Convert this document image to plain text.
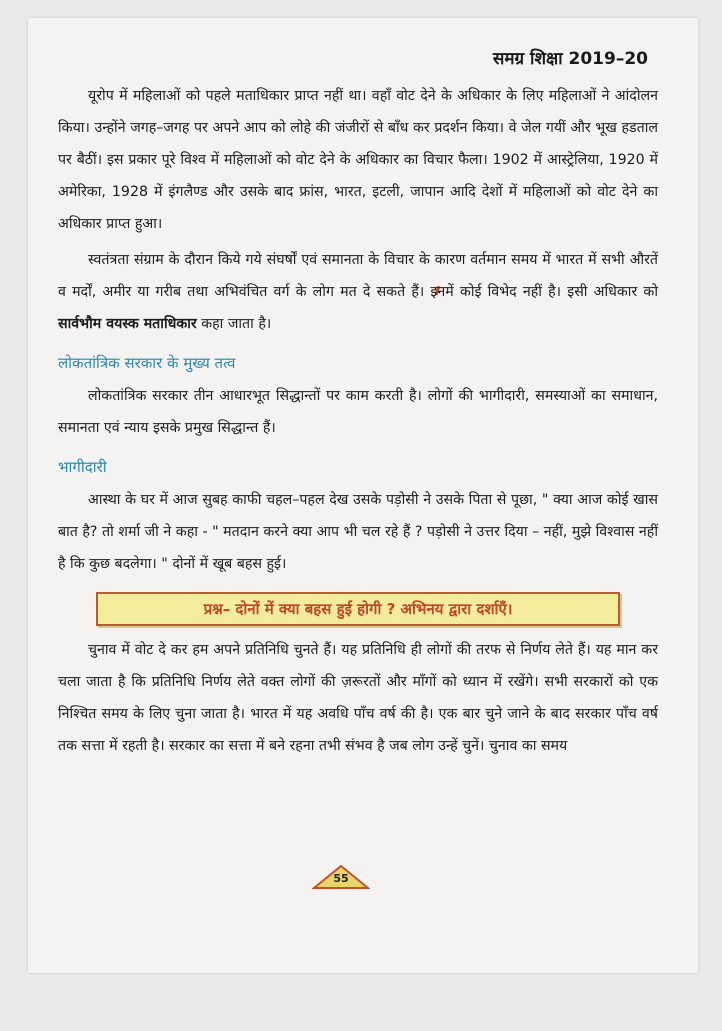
समग्र शिक्षा 2019–20

यूरोप में महिलाओं को पहले मताधिकार प्राप्त नहीं था। वहाँ वोट देने के अधिकार के लिए महिलाओं ने आंदोलन किया। उन्होंने जगह–जगह पर अपने आप को लोहे की जंजीरों से बाँध कर प्रदर्शन किया। वे जेल गयीं और भूख हडताल पर बैठीं। इस प्रकार पूरे विश्व में महिलाओं को वोट देने के अधिकार का विचार फैला। 1902 में आस्ट्रेलिया, 1920 में अमेरिका, 1928 में इंगलैण्ड और उसके बाद फ्रांस, भारत, इटली, जापान आदि देशों में महिलाओं को वोट देने का अधिकार प्राप्त हुआ।

स्वतंत्रता संग्राम के दौरान किये गये संघर्षों एवं समानता के विचार के कारण वर्तमान समय में भारत में सभी औरतें व मर्दों, अमीर या गरीब तथा अभिवंचित वर्ग के लोग मत दे सकते हैं। इनमें कोई विभेद नहीं है। इसी अधिकार को सार्वभौम वयस्क मताधिकार कहा जाता है।

लोकतांत्रिक सरकार के मुख्य तत्व

लोकतांत्रिक सरकार तीन आधारभूत सिद्धान्तों पर काम करती है। लोगों की भागीदारी, समस्याओं का समाधान, समानता एवं न्याय इसके प्रमुख सिद्धान्त हैं।

भागीदारी

आस्था के घर में आज सुबह काफी चहल–पहल देख उसके पड़ोसी ने उसके पिता से पूछा, " क्या आज कोई खास बात है? तो शर्मा जी ने कहा - " मतदान करने क्या आप भी चल रहे हैं ? पड़ोसी ने उत्तर दिया – नहीं, मुझे विश्वास नहीं है कि कुछ बदलेगा। " दोनों में खूब बहस हुई।

प्रश्न– दोनों में क्या बहस हुई होगी ? अभिनय द्वारा दर्शाएँ।

चुनाव में वोट दे कर हम अपने प्रतिनिधि चुनते हैं। यह प्रतिनिधि ही लोगों की तरफ से निर्णय लेते हैं। यह मान कर चला जाता है कि प्रतिनिधि निर्णय लेते वक्त लोगों की ज़रूरतों और माँगों को ध्यान में रखेंगे। सभी सरकारों को एक निश्चित समय के लिए चुना जाता है। भारत में यह अवधि पाँच वर्ष की है। एक बार चुने जाने के बाद सरकार पाँच वर्ष तक सत्ता में रहती है। सरकार का सत्ता में बने रहना तभी संभव है जब लोग उन्हें चुनें। चुनाव का समय

55
